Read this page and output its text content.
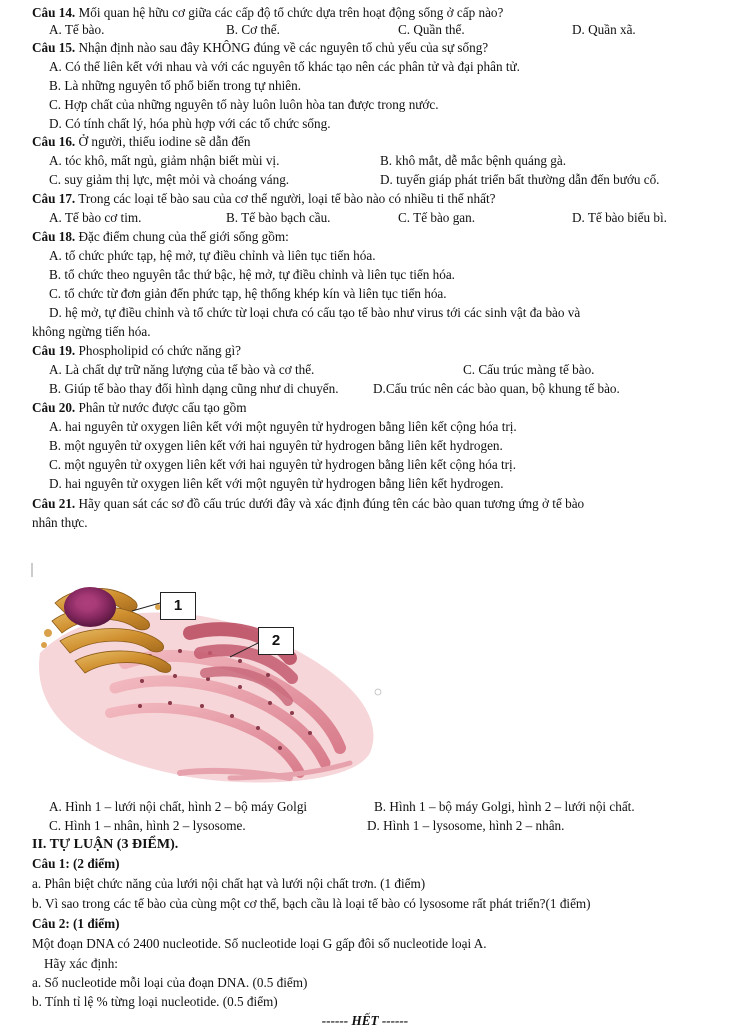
Câu 14. Mối quan hệ hữu cơ giữa các cấp độ tổ chức dựa trên hoạt động sống ở cấp nào?
A. Tế bào.	B. Cơ thể.	C. Quần thể.	D. Quần xã.
Câu 15. Nhận định nào sau đây KHÔNG đúng về các nguyên tố chủ yếu của sự sống?
A. Có thể liên kết với nhau và với các nguyên tố khác tạo nên các phân tử và đại phân tử.
B. Là những nguyên tố phổ biến trong tự nhiên.
C. Hợp chất của những nguyên tố này luôn luôn hòa tan được trong nước.
D. Có tính chất lý, hóa phù hợp với các tổ chức sống.
Câu 16. Ở người, thiếu iodine sẽ dẫn đến
A. tóc khô, mất ngủ, giảm nhận biết mùi vị.	B. khô mắt, dễ mắc bệnh quáng gà.
C. suy giảm thị lực, mệt mỏi và choáng váng.	D. tuyến giáp phát triển bất thường dẫn đến bướu cổ.
Câu 17. Trong các loại tế bào sau của cơ thể người, loại tế bào nào có nhiều ti thể nhất?
A. Tế bào cơ tim.	B. Tế bào bạch cầu.	C. Tế bào gan.	D. Tế bào biểu bì.
Câu 18. Đặc điểm chung của thế giới sống gồm:
A. tổ chức phức tạp, hệ mở, tự điều chỉnh và liên tục tiến hóa.
B. tổ chức theo nguyên tắc thứ bậc, hệ mở, tự điều chỉnh và liên tục tiến hóa.
C. tổ chức từ đơn giản đến phức tạp, hệ thống khép kín và liên tục tiến hóa.
D. hệ mở, tự điều chỉnh và tổ chức từ loại chưa có cấu tạo tế bào như virus tới các sinh vật đa bào và
không ngừng tiến hóa.
Câu 19. Phospholipid có chức năng gì?
A. Là chất dự trữ năng lượng của tế bào và cơ thể.	C. Cấu trúc màng tế bào.
B. Giúp tế bào thay đổi hình dạng cũng như di chuyển.	D.Cấu trúc nên các bào quan, bộ khung tế bào.
Câu 20. Phân tử nước được cấu tạo gồm
A. hai nguyên tử oxygen liên kết với một nguyên tử hydrogen bằng liên kết cộng hóa trị.
B. một nguyên tử oxygen liên kết với hai nguyên tử hydrogen bằng liên kết hydrogen.
C. một nguyên tử oxygen liên kết với hai nguyên tử hydrogen bằng liên kết cộng hóa trị.
D. hai nguyên tử oxygen liên kết với một nguyên tử hydrogen bằng liên kết hydrogen.
Câu 21. Hãy quan sát các sơ đồ cấu trúc dưới đây và xác định đúng tên các bào quan tương ứng ở tế bào
nhân thực.
1
2
A. Hình 1 – lưới nội chất, hình 2 – bộ máy Golgi	B. Hình 1 – bộ máy Golgi, hình 2 – lưới nội chất.
C. Hình 1 – nhân, hình 2 – lysosome.	D. Hình 1 – lysosome, hình 2 – nhân.
II. TỰ LUẬN (3 ĐIỂM).
Câu 1: (2 điểm)
a. Phân biệt chức năng của lưới nội chất hạt và lưới nội chất trơn. (1 điểm)
b. Vì sao trong các tế bào của cùng một cơ thể, bạch cầu là loại tế bào có lysosome rất phát triển?(1 điểm)
Câu 2: (1 điểm)
Một đoạn DNA có 2400 nucleotide. Số nucleotide loại G gấp đôi số nucleotide loại A.
Hãy xác định:
a. Số nucleotide mỗi loại của đoạn DNA. (0.5 điểm)
b. Tính tỉ lệ % từng loại nucleotide. (0.5 điểm)
------ HẾT ------
